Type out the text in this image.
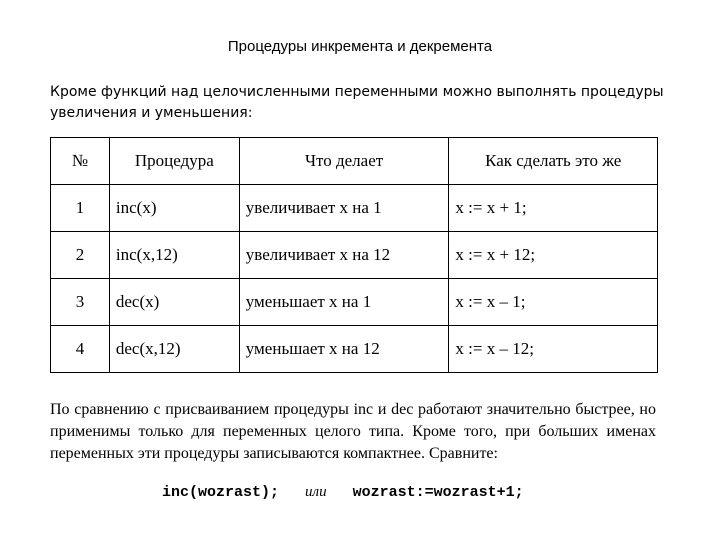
Процедуры инкремента и декремента
Кроме функций над целочисленными переменными можно выполнять процедуры увеличения и уменьшения:
№	Процедура	Что делает	Как сделать это же
1	inc(x)	увеличивает x на 1	x := x + 1;
2	inc(x,12)	увеличивает x на 12	x := x + 12;
3	dec(x)	уменьшает x на 1	x := x – 1;
4	dec(x,12)	уменьшает x на 12	x := x – 12;
По сравнению с присваиванием процедуры inc и dec работают значительно быстрее, но применимы только для переменных целого типа. Кроме того, при больших именах переменных эти процедуры записываются компактнее. Сравните:
inc(wozrast); или wozrast:=wozrast+1;
